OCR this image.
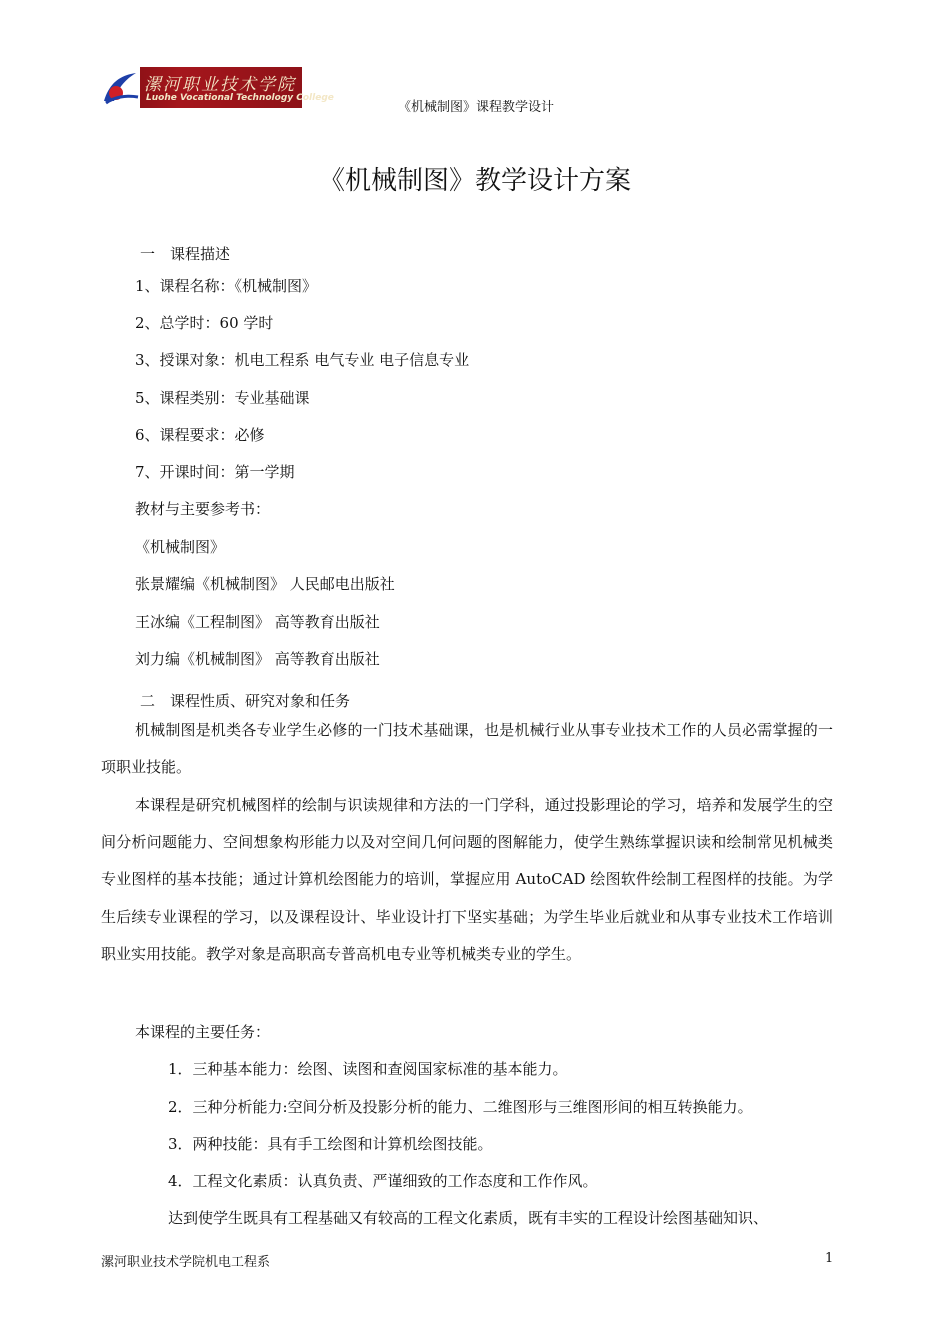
漯河职业技术学院
Luohe Vocational Technology College
《机械制图》课程教学设计
《机械制图》教学设计方案
一　课程描述
1、课程名称：《机械制图》
2、总学时：60 学时
3、授课对象：机电工程系 电气专业 电子信息专业
5、课程类别：专业基础课
6、课程要求：必修
7、开课时间：第一学期
教材与主要参考书：
《机械制图》
张景耀编《机械制图》 人民邮电出版社
王冰编《工程制图》 高等教育出版社
刘力编《机械制图》 高等教育出版社
二　课程性质、研究对象和任务

机械制图是机类各专业学生必修的一门技术基础课，也是机械行业从事专业技术工作的人员必需掌握的一项职业技能。

本课程是研究机械图样的绘制与识读规律和方法的一门学科，通过投影理论的学习，培养和发展学生的空间分析问题能力、空间想象构形能力以及对空间几何问题的图解能力，使学生熟练掌握识读和绘制常见机械类专业图样的基本技能；通过计算机绘图能力的培训，掌握应用 AutoCAD 绘图软件绘制工程图样的技能。为学生后续专业课程的学习，以及课程设计、毕业设计打下坚实基础；为学生毕业后就业和从事专业技术工作培训职业实用技能。教学对象是高职高专普高机电专业等机械类专业的学生。

本课程的主要任务：
1．三种基本能力：绘图、读图和查阅国家标准的基本能力。
2．三种分析能力:空间分析及投影分析的能力、二维图形与三维图形间的相互转换能力。
3．两种技能：具有手工绘图和计算机绘图技能。
4．工程文化素质：认真负责、严谨细致的工作态度和工作作风。
达到使学生既具有工程基础又有较高的工程文化素质，既有丰实的工程设计绘图基础知识、
漯河职业技术学院机电工程系	1
